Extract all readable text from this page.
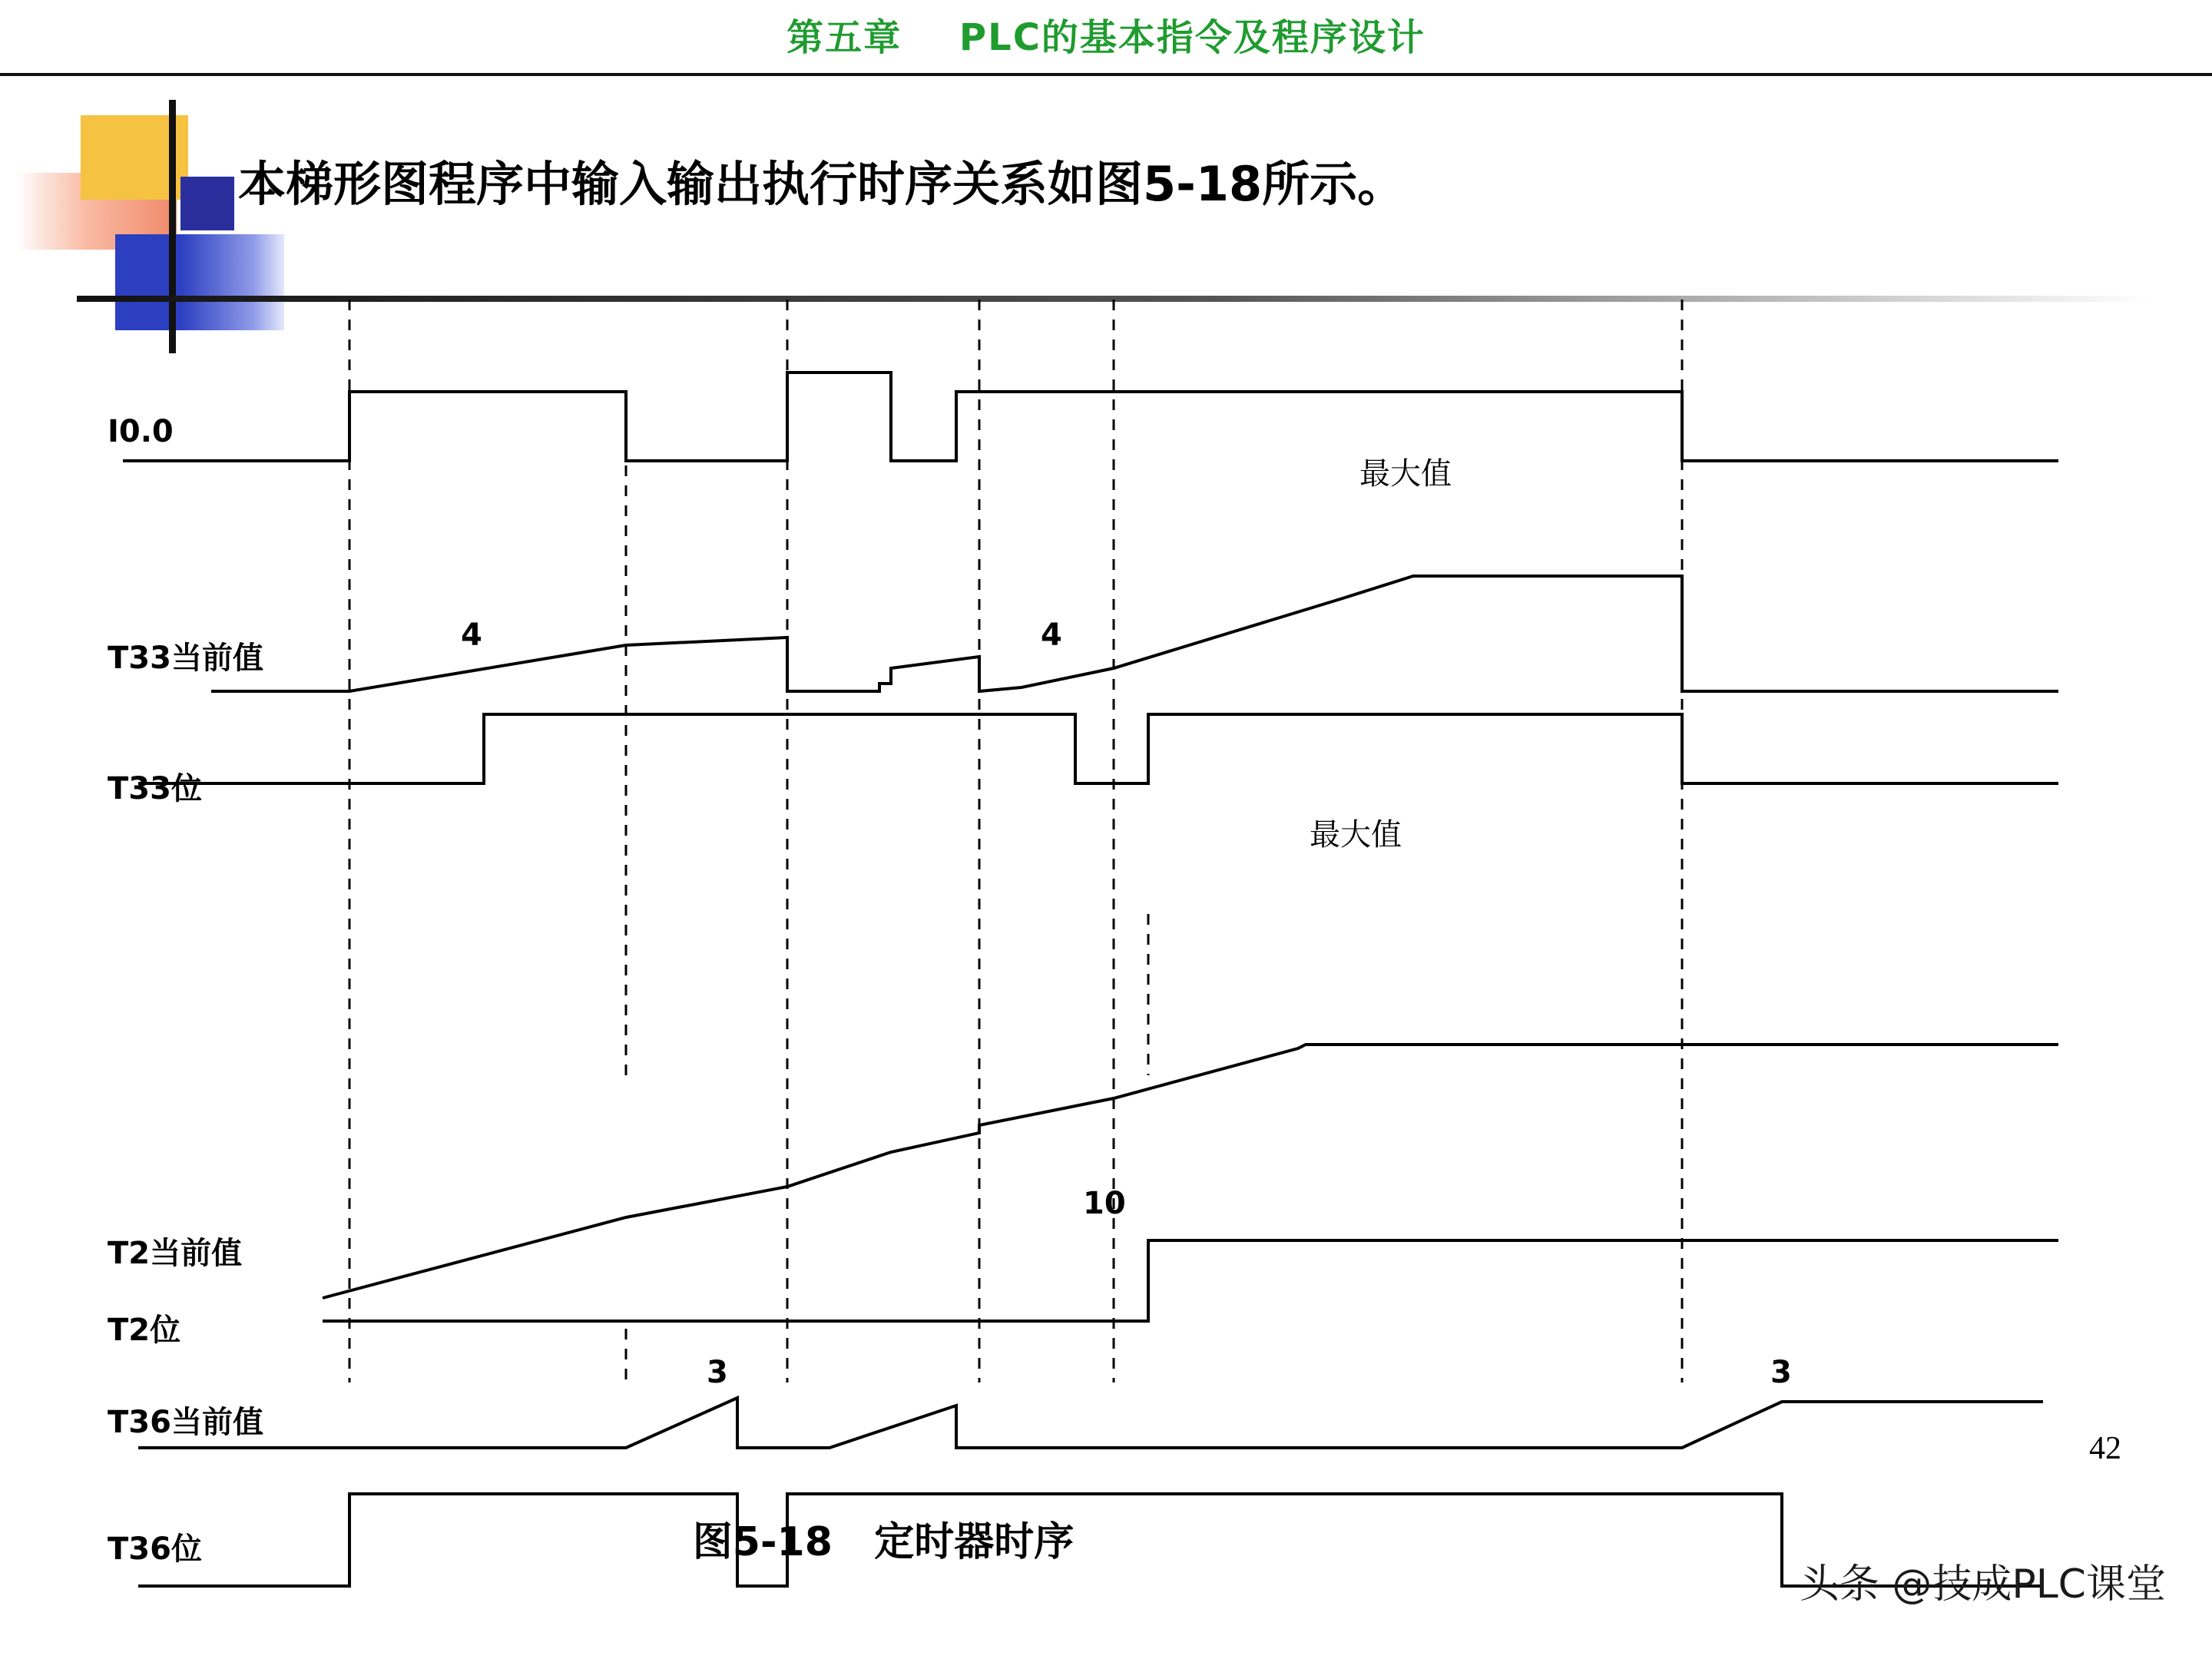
第五章    PLC的基本指令及程序设计
本梯形图程序中输入输出执行时序关系如图5-18所示。
I0.0
T33当前值
4	4
最大值
T33位
T2当前值
10
最大值
T2位
T36当前值
3	3
T36位
42
图5-18   定时器时序
头条 @技成PLC课堂
